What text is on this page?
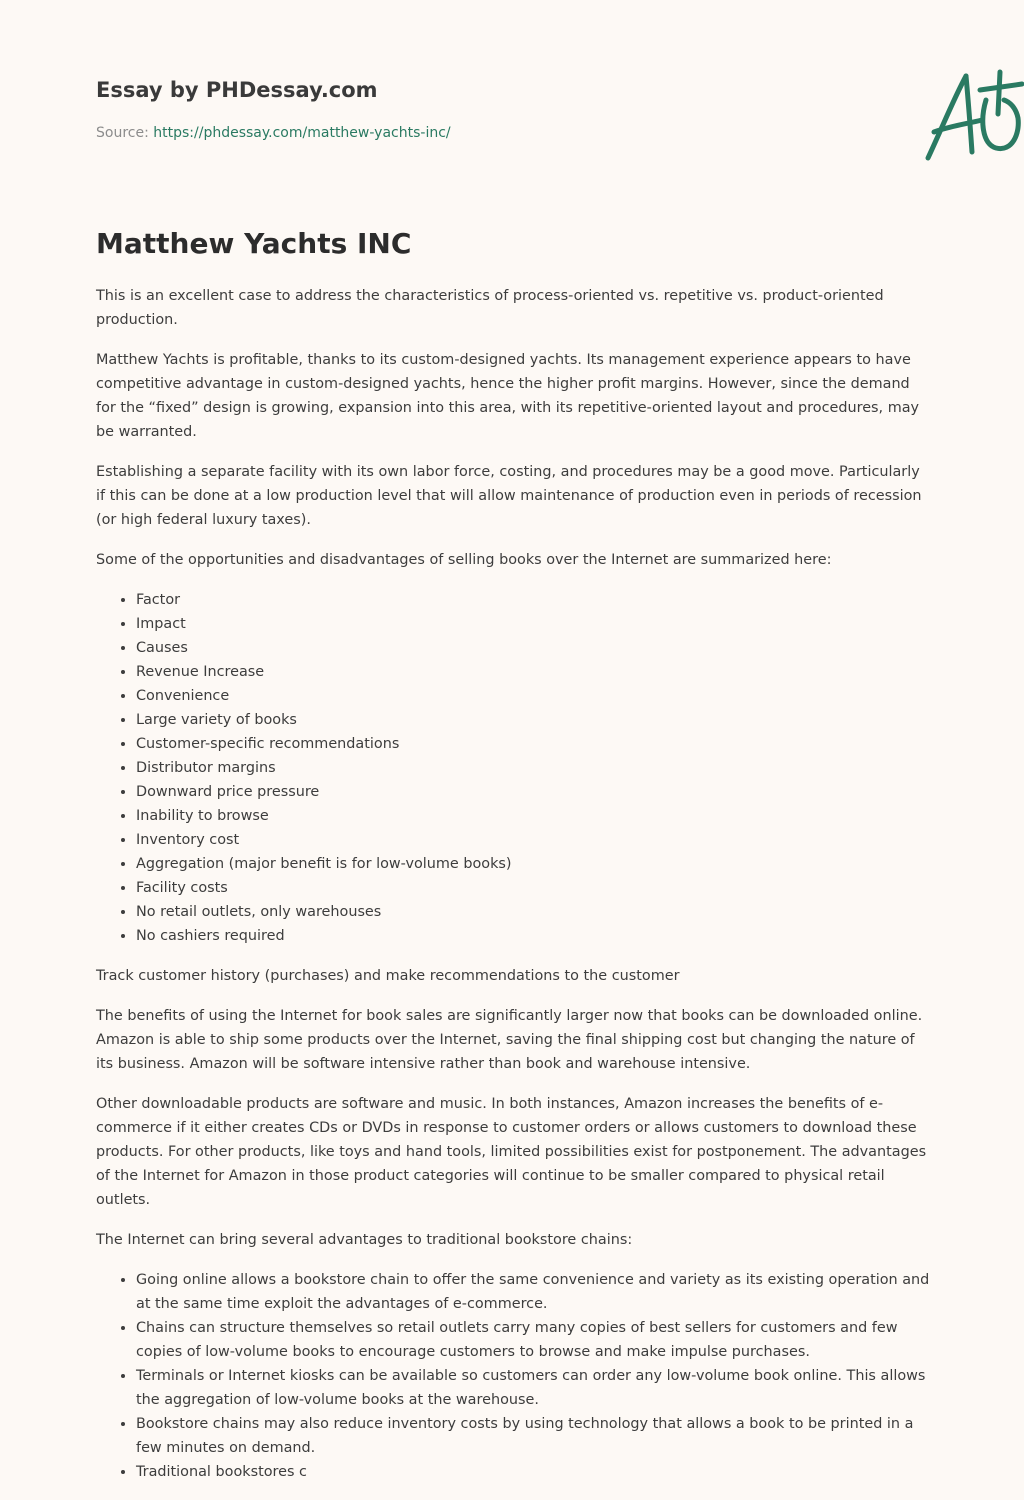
Essay by PHDessay.com
Source: https://phdessay.com/matthew-yachts-inc/
Matthew Yachts INC

This is an excellent case to address the characteristics of process-oriented vs. repetitive vs. product-oriented production.

Matthew Yachts is profitable, thanks to its custom-designed yachts. Its management experience appears to have competitive advantage in custom-designed yachts, hence the higher profit margins. However, since the demand for the “fixed” design is growing, expansion into this area, with its repetitive-oriented layout and procedures, may be warranted.

Establishing a separate facility with its own labor force, costing, and procedures may be a good move. Particularly if this can be done at a low production level that will allow maintenance of production even in periods of recession (or high federal luxury taxes).

Some of the opportunities and disadvantages of selling books over the Internet are summarized here:

• Factor
• Impact
• Causes
• Revenue Increase
• Convenience
• Large variety of books
• Customer-specific recommendations
• Distributor margins
• Downward price pressure
• Inability to browse
• Inventory cost
• Aggregation (major benefit is for low-volume books)
• Facility costs
• No retail outlets, only warehouses
• No cashiers required

Track customer history (purchases) and make recommendations to the customer

The benefits of using the Internet for book sales are significantly larger now that books can be downloaded online. Amazon is able to ship some products over the Internet, saving the final shipping cost but changing the nature of its business. Amazon will be software intensive rather than book and warehouse intensive.

Other downloadable products are software and music. In both instances, Amazon increases the benefits of e-commerce if it either creates CDs or DVDs in response to customer orders or allows customers to download these products. For other products, like toys and hand tools, limited possibilities exist for postponement. The advantages of the Internet for Amazon in those product categories will continue to be smaller compared to physical retail outlets.

The Internet can bring several advantages to traditional bookstore chains:

• Going online allows a bookstore chain to offer the same convenience and variety as its existing operation and at the same time exploit the advantages of e-commerce.
• Chains can structure themselves so retail outlets carry many copies of best sellers for customers and few copies of low-volume books to encourage customers to browse and make impulse purchases.
• Terminals or Internet kiosks can be available so customers can order any low-volume book online. This allows the aggregation of low-volume books at the warehouse.
• Bookstore chains may also reduce inventory costs by using technology that allows a book to be printed in a few minutes on demand.
• Traditional bookstores c
